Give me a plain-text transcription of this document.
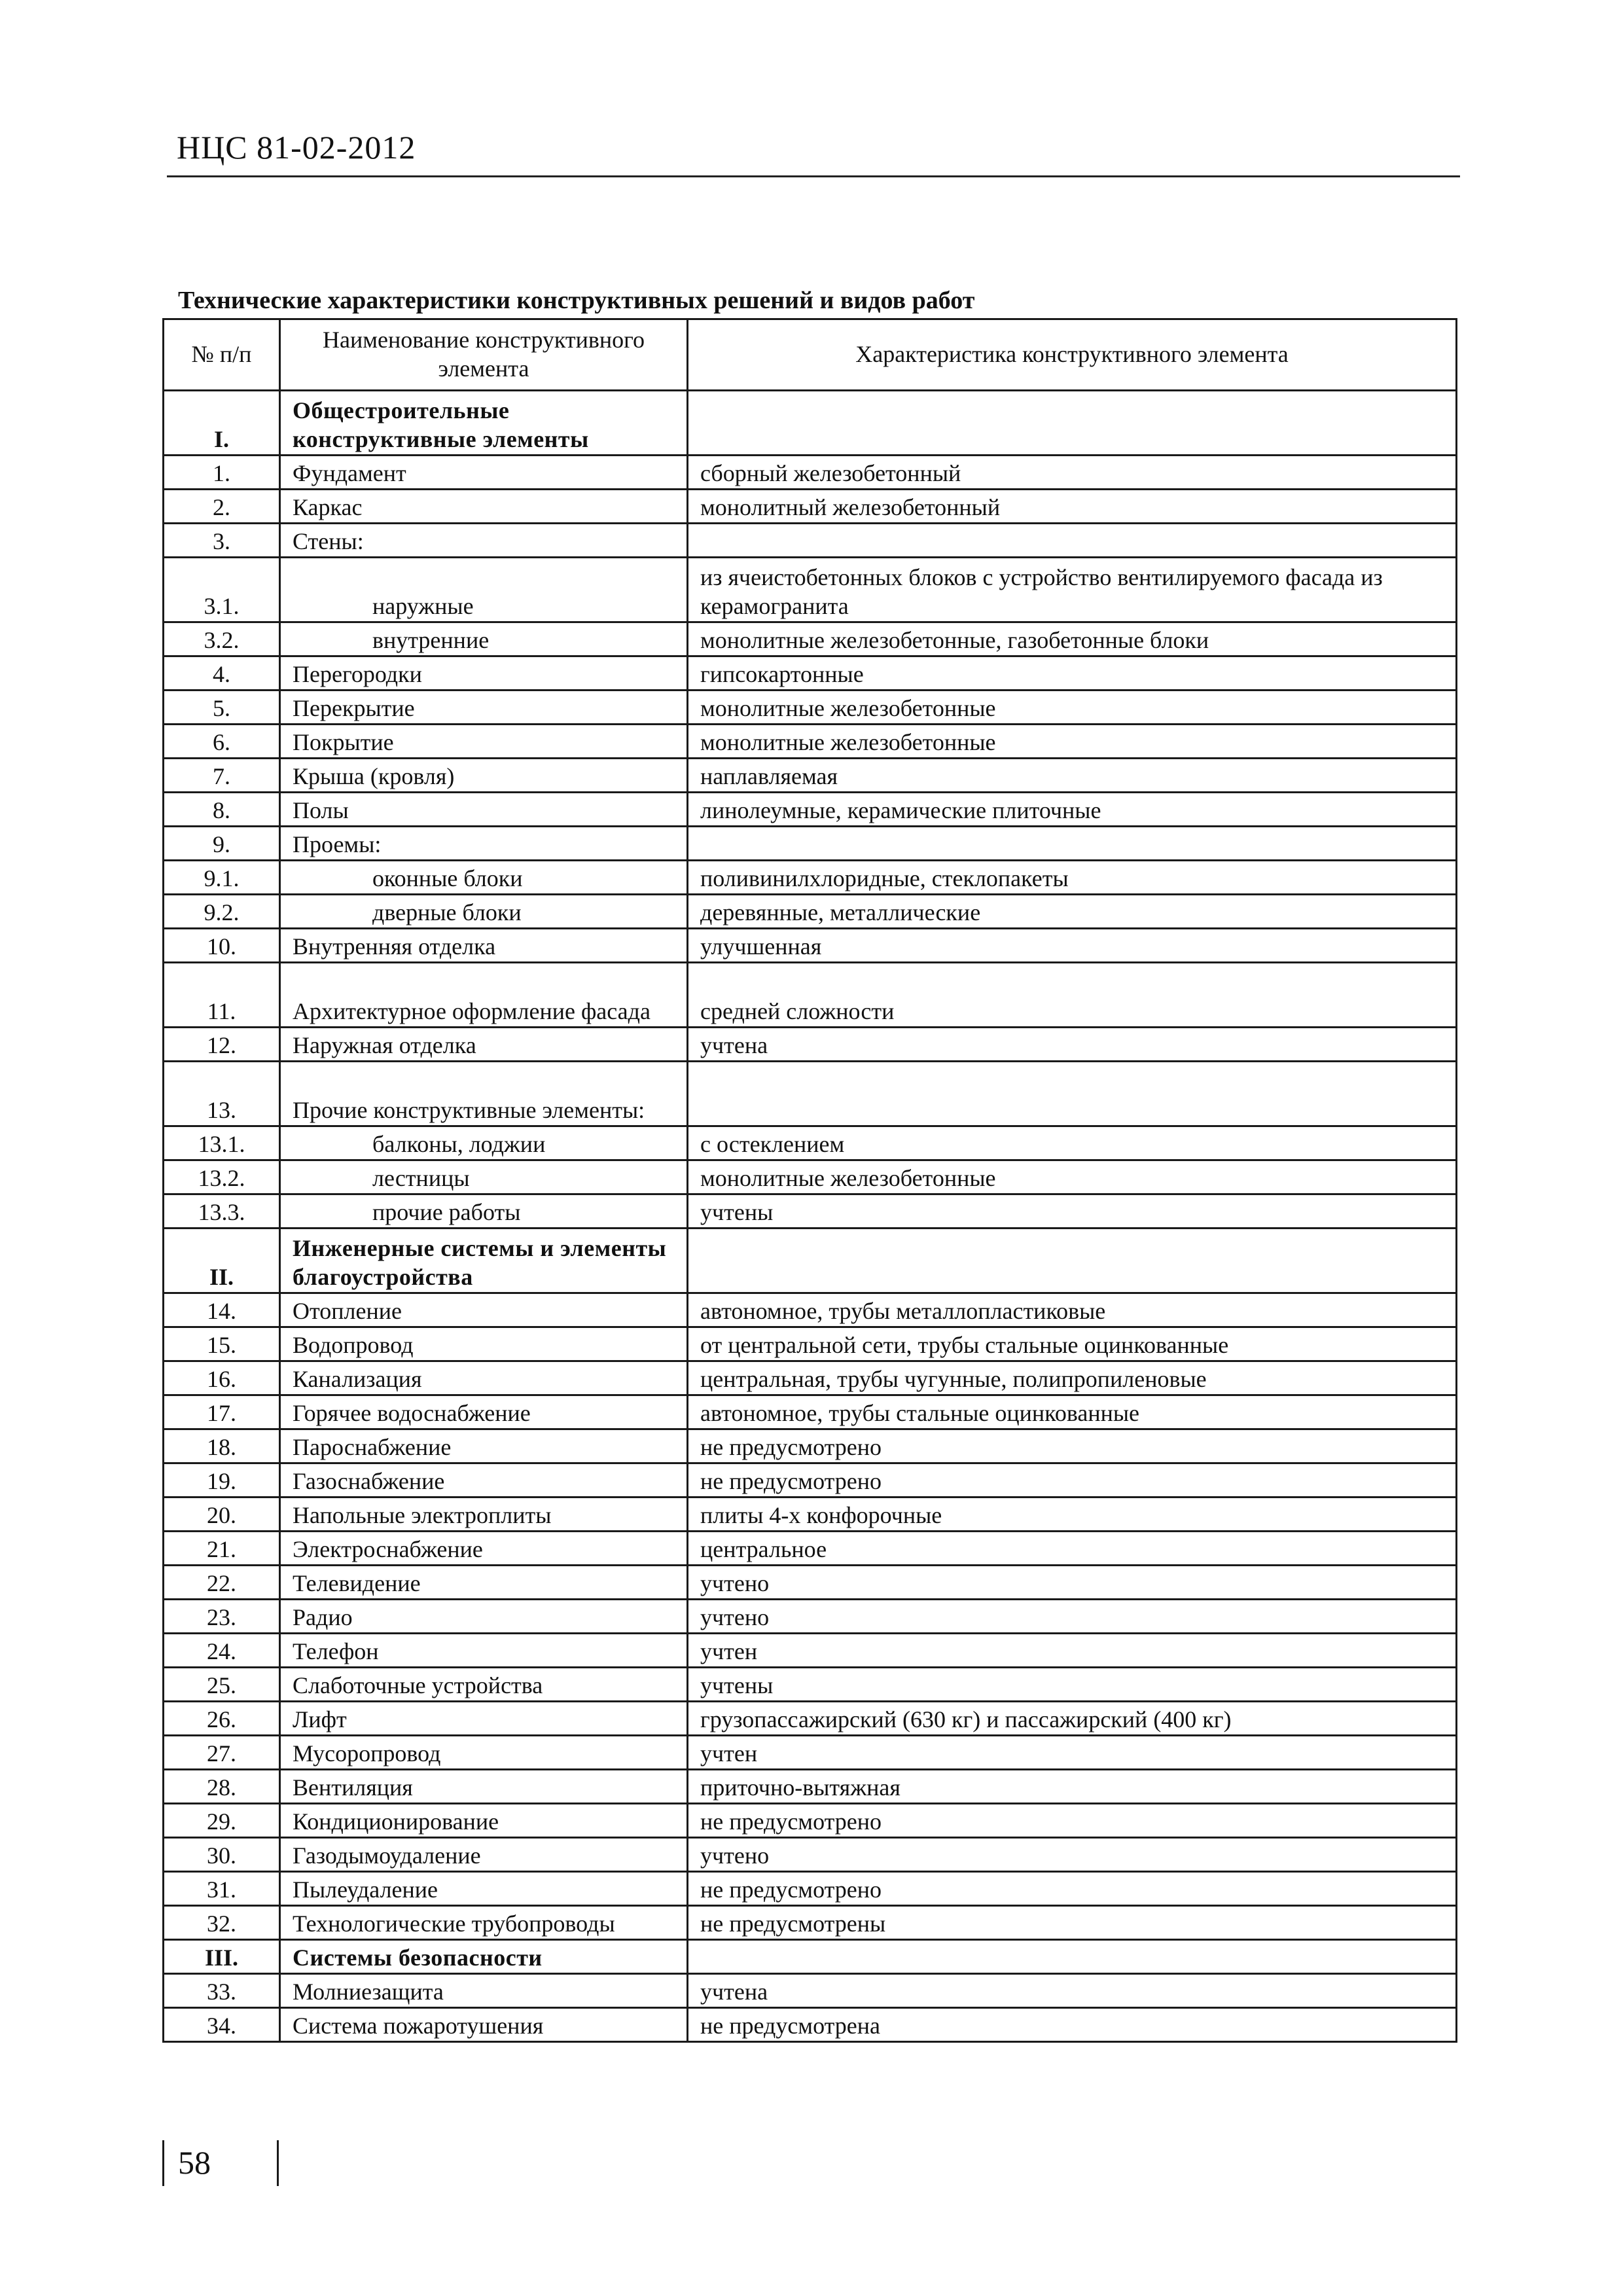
НЦС 81-02-2012
Технические характеристики конструктивных решений и видов работ
№ п/п	Наименование конструктивного элемента	Характеристика конструктивного элемента
I.	Общестроительные конструктивные элементы	
1.	Фундамент	сборный железобетонный
2.	Каркас	монолитный железобетонный
3.	Стены:	
3.1.	наружные	из ячеистобетонных блоков с устройство вентилируемого фасада из керамогранита
3.2.	внутренние	монолитные железобетонные, газобетонные блоки
4.	Перегородки	гипсокартонные
5.	Перекрытие	монолитные железобетонные
6.	Покрытие	монолитные железобетонные
7.	Крыша (кровля)	наплавляемая
8.	Полы	линолеумные, керамические плиточные
9.	Проемы:	
9.1.	оконные блоки	поливинилхлоридные, стеклопакеты
9.2.	дверные блоки	деревянные, металлические
10.	Внутренняя отделка	улучшенная
11.	Архитектурное оформление фасада	средней сложности
12.	Наружная отделка	учтена
13.	Прочие конструктивные элементы:	
13.1.	балконы, лоджии	с остеклением
13.2.	лестницы	монолитные железобетонные
13.3.	прочие работы	учтены
II.	Инженерные системы и элементы благоустройства	
14.	Отопление	автономное, трубы металлопластиковые
15.	Водопровод	от центральной сети, трубы стальные оцинкованные
16.	Канализация	центральная, трубы чугунные, полипропиленовые
17.	Горячее водоснабжение	автономное, трубы стальные оцинкованные
18.	Пароснабжение	не предусмотрено
19.	Газоснабжение	не предусмотрено
20.	Напольные электроплиты	плиты 4-х конфорочные
21.	Электроснабжение	центральное
22.	Телевидение	учтено
23.	Радио	учтено
24.	Телефон	учтен
25.	Слаботочные устройства	учтены
26.	Лифт	грузопассажирский (630 кг) и пассажирский (400 кг)
27.	Мусоропровод	учтен
28.	Вентиляция	приточно-вытяжная
29.	Кондиционирование	не предусмотрено
30.	Газодымоудаление	учтено
31.	Пылеудаление	не предусмотрено
32.	Технологические трубопроводы	не предусмотрены
III.	Системы безопасности	
33.	Молниезащита	учтена
34.	Система пожаротушения	не предусмотрена
58
